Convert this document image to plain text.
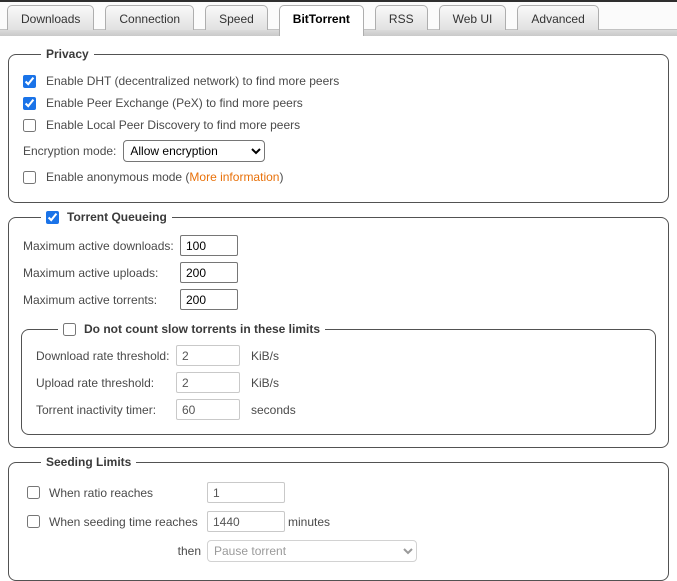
Downloads	Connection	Speed	BitTorrent	RSS	Web UI	Advanced
Privacy
Enable DHT (decentralized network) to find more peers
Enable Peer Exchange (PeX) to find more peers
Enable Local Peer Discovery to find more peers
Encryption mode:
Allow encryption
Enable anonymous mode (More information)
Torrent Queueing
Maximum active downloads:
100
Maximum active uploads:
200
Maximum active torrents:
200
Do not count slow torrents in these limits
Download rate threshold:
2	KiB/s
Upload rate threshold:
2	KiB/s
Torrent inactivity timer:
60	seconds
Seeding Limits
When ratio reaches
1
When seeding time reaches
1440	minutes
then
Pause torrent
